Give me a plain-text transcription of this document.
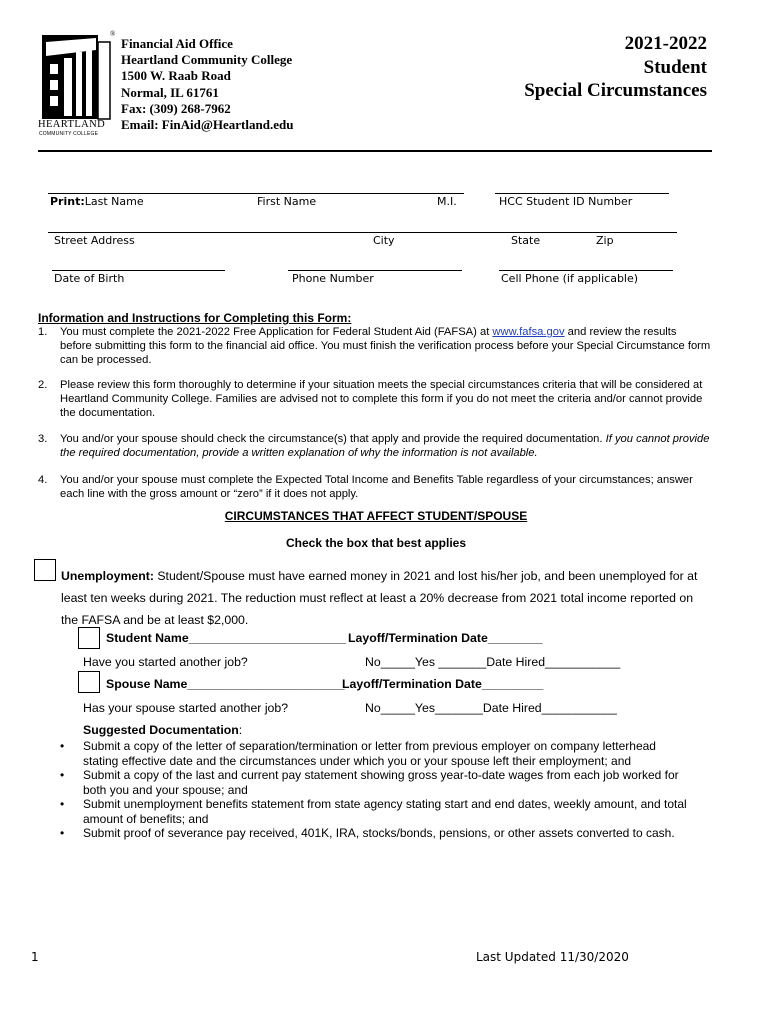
®
HEARTLAND
COMMUNITY COLLEGE
Financial Aid Office
Heartland Community College
1500 W. Raab Road
Normal, IL 61761
Fax: (309) 268-7962
Email: FinAid@Heartland.edu
2021-2022
Student
Special Circumstances
Print:Last Name	First Name	M.I.	HCC Student ID Number
Street Address	City	State	Zip
Date of Birth	Phone Number	Cell Phone (if applicable)
Information and Instructions for Completing this Form:
1. You must complete the 2021-2022 Free Application for Federal Student Aid (FAFSA) at www.fafsa.gov and review the results
before submitting this form to the financial aid office. You must finish the verification process before your Special Circumstance form
can be processed.
2. Please review this form thoroughly to determine if your situation meets the special circumstances criteria that will be considered at
Heartland Community College. Families are advised not to complete this form if you do not meet the criteria and/or cannot provide
the documentation.
3. You and/or your spouse should check the circumstance(s) that apply and provide the required documentation. If you cannot provide
the required documentation, provide a written explanation of why the information is not available.
4. You and/or your spouse must complete the Expected Total Income and Benefits Table regardless of your circumstances; answer
each line with the gross amount or “zero” if it does not apply.
CIRCUMSTANCES THAT AFFECT STUDENT/SPOUSE
Check the box that best applies
Unemployment: Student/Spouse must have earned money in 2021 and lost his/her job, and been unemployed for at
least ten weeks during 2021. The reduction must reflect at least a 20% decrease from 2021 total income reported on
the FAFSA and be at least $2,000.
Student Name_______________________ Layoff/Termination Date________
Have you started another job?	No_____Yes _______Date Hired___________
Spouse Name_______________________
Layoff/Termination Date_________
Has your spouse started another job?	No_____Yes_______Date Hired___________
Suggested Documentation:
• Submit a copy of the letter of separation/termination or letter from previous employer on company letterhead
stating effective date and the circumstances under which you or your spouse left their employment; and
• Submit a copy of the last and current pay statement showing gross year-to-date wages from each job worked for
both you and your spouse; and
• Submit unemployment benefits statement from state agency stating start and end dates, weekly amount, and total
amount of benefits; and
• Submit proof of severance pay received, 401K, IRA, stocks/bonds, pensions, or other assets converted to cash.
1	Last Updated 11/30/2020
